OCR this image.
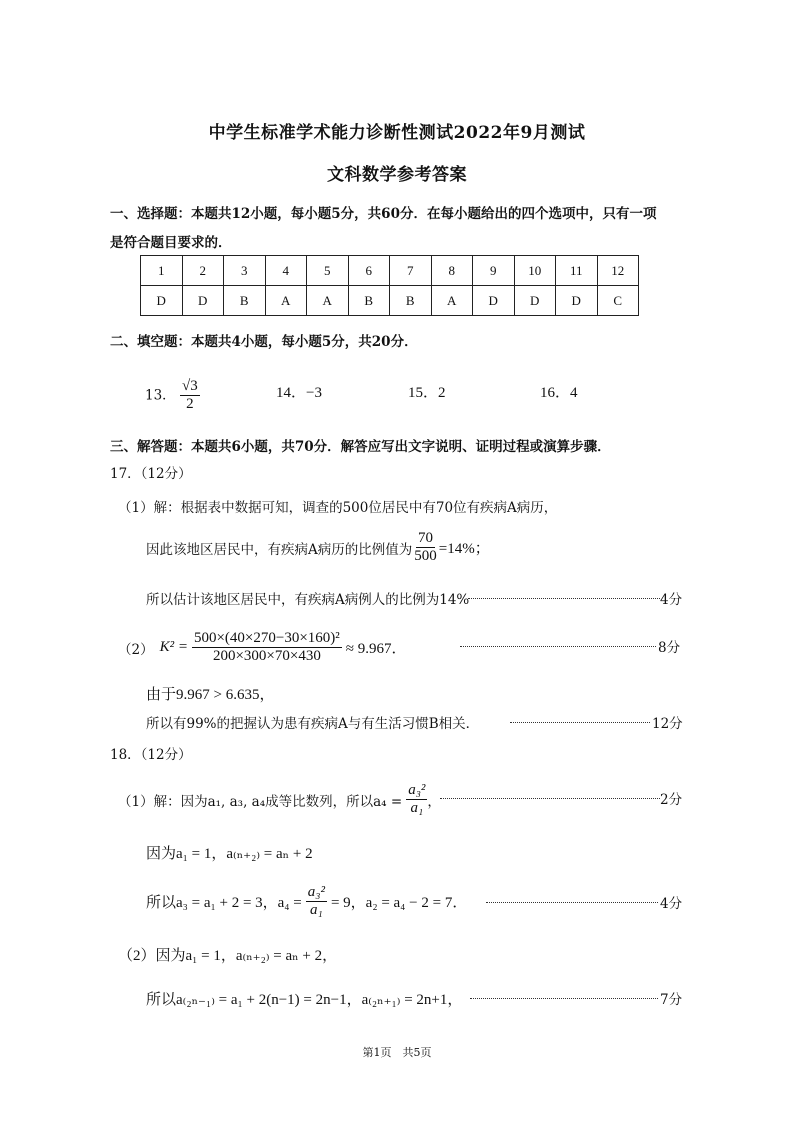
中学生标准学术能力诊断性测试2022年9月测试
文科数学参考答案
一、选择题：本题共12小题，每小题5分，共60分．在每小题给出的四个选项中，只有一项
是符合题目要求的．
1	2	3	4	5	6	7	8	9	10	11	12
D	D	B	A	A	B	B	A	D	D	D	C
二、填空题：本题共4小题，每小题5分，共20分．
13． $\frac{√3}{2}$	14．−3	15．2	16．4
三、解答题：本题共6小题，共70分．解答应写出文字说明、证明过程或演算步骤．
17．（12分）
（1）解：根据表中数据可知，调查的500位居民中有70位有疾病A病历，
因此该地区居民中，有疾病A病历的比例值为 $\frac{70}{500} =14\%$；
所以估计该地区居民中，有疾病A病例人的比例为14%	4分
（2） $K^2 = \frac{\text{500×(40×270−30×160)²}}{200\times 300\times 70\times 430} \approx 9.967$．	8分
由于9.967 > 6.635，
所以有99%的把握认为患有疾病A与有生活习惯B相关．	12分
18．（12分）
（1）解：因为a₁, a₃, a₄成等比数列，所以$a_4 = \frac{\text{a₃²}}{\text{a₁}}$ ，	2分
因为a₁ = 1，a₍ₙ₊₂₎ = aₙ + 2
所以a₃ = a₁ + 2 = 3，$a_4 = \frac{\text{a₃²}}{\text{a₁}} = 9$，a₂ = a₄ − 2 = 7．	4分
（2）因为a₁ = 1，a₍ₙ₊₂₎ = aₙ + 2，
所以a₍₂ₙ₋₁₎ = a₁ + 2(n−1) = 2n−1，a₍₂ₙ₊₁₎ = 2n+1，	7分
第1页　共5页
